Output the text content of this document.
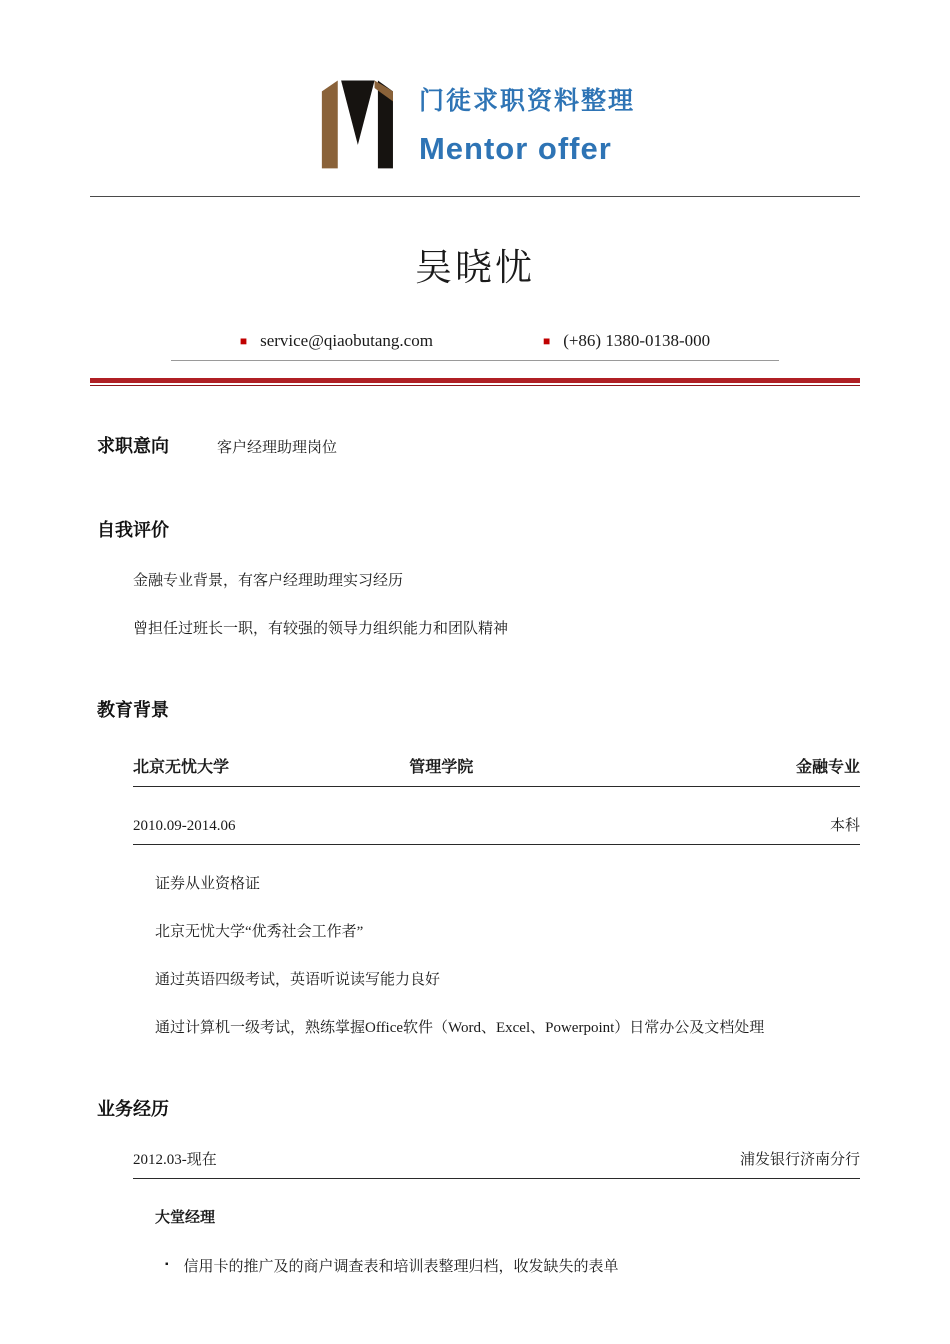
门徒求职资料整理
Mentor offer
吴晓忧
■ service@qiaobutang.com	■ (+86) 1380-0138-000
求职意向	客户经理助理岗位
自我评价
金融专业背景，有客户经理助理实习经历
曾担任过班长一职，有较强的领导力组织能力和团队精神
教育背景
北京无忧大学	管理学院	金融专业
2010.09-2014.06	本科
证券从业资格证
北京无忧大学“优秀社会工作者”
通过英语四级考试，英语听说读写能力良好
通过计算机一级考试，熟练掌握Office软件（Word、Excel、Powerpoint）日常办公及文档处理
业务经历
2012.03-现在	浦发银行济南分行
大堂经理
▪ 信用卡的推广及的商户调查表和培训表整理归档，收发缺失的表单
